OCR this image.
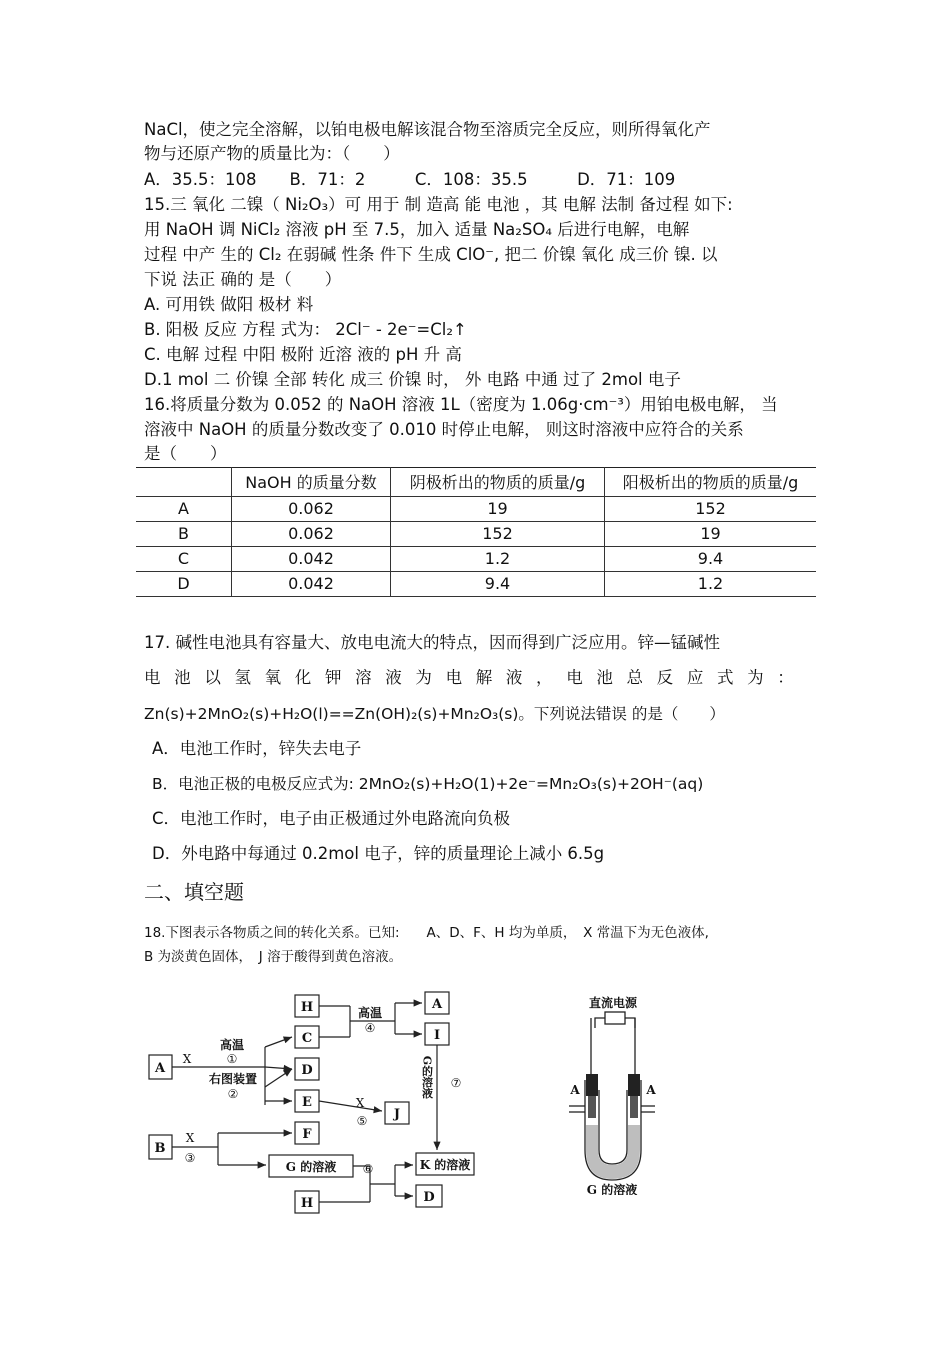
NaCl，使之完全溶解，以铂电极电解该混合物至溶质完全反应，则所得氧化产
物与还原产物的质量比为：（　　）
A．35.5：108　　B．71：2　　　C．108：35.5　　　D．71：109
15.三 氧化 二镍（ Ni₂O₃）可 用于 制 造高 能 电池 ，其 电解 法制 备过程 如下:
用 NaOH 调 NiCl₂ 溶液 pH 至 7.5，加入 适量 Na₂SO₄ 后进行电解，电解
过程 中产 生的 Cl₂ 在弱碱 性条 件下 生成 ClO⁻, 把二 价镍 氧化 成三价 镍. 以
下说 法正 确的 是（　　）
A. 可用铁 做阳 极材 料
B. 阳极 反应 方程 式为： 2Cl⁻ - 2e⁻=Cl₂↑
C. 电解 过程 中阳 极附 近溶 液的 pH 升 高
D.1 mol 二 价镍 全部 转化 成三 价镍 时， 外 电路 中通 过了 2mol 电子
16.将质量分数为 0.052 的 NaOH 溶液 1L（密度为 1.06g·cm⁻³）用铂电极电解， 当
溶液中 NaOH 的质量分数改变了 0.010 时停止电解， 则这时溶液中应符合的关系
是（　　）
	NaOH 的质量分数	阴极析出的物质的质量/g	阳极析出的物质的质量/g
A	0.062	19	152
B	0.062	152	19
C	0.042	1.2	9.4
D	0.042	9.4	1.2
17. 碱性电池具有容量大、放电电流大的特点，因而得到广泛应用。锌—锰碱性
电 池 以 氢 氧 化 钾 溶 液 为 电 解 液 ， 电 池 总 反 应 式 为 ：
Zn(s)+2MnO₂(s)+H₂O(l)==Zn(OH)₂(s)+Mn₂O₃(s)。下列说法错误 的是（　　）
A．电池工作时，锌失去电子
B．电池正极的电极反应式为: 2MnO₂(s)+H₂O(1)+2e⁻=Mn₂O₃(s)+2OH⁻(aq)
C．电池工作时，电子由正极通过外电路流向负极
D．外电路中每通过 0.2mol 电子，锌的质量理论上减小 6.5g
二、填空题
18.下图表示各物质之间的转化关系。已知:　　A、D、F、H 均为单质，　X 常温下为无色液体,
B 为淡黄色固体，　J 溶于酸得到黄色溶液。
A
H
C
D
E
F
B
G 的溶液
H
A
I
J
K 的溶液
D
X
高温
①
右图装置
②
高温
④
X
⑤
X
③
⑥
⑦
G的溶液
直流电源
A	A
G 的溶液
